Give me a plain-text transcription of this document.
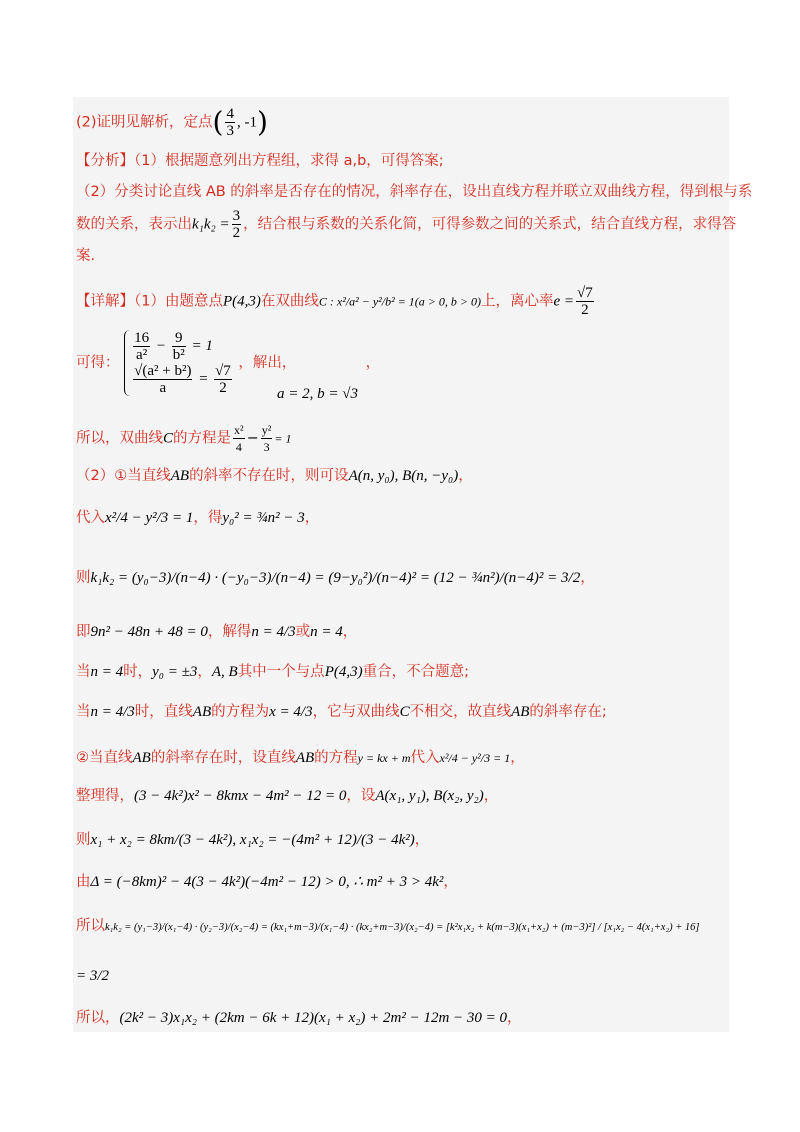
(2)证明见解析，定点( $\frac{4}{3}$ , -1)
【分析】（1）根据题意列出方程组，求得 a,b，可得答案;
（2）分类讨论直线 AB 的斜率是否存在的情况，斜率存在，设出直线方程并联立双曲线方程，得到根与系
数的关系，表示出$k_1k_2 = \frac{3}{2}$ ，结合根与系数的关系化简，可得参数之间的关系式，结合直线方程，求得答
案.
【详解】（1）由题意点P(4,3)在双曲线C : x²/a² − y²/b² = 1(a > 0, b > 0)上，离心率$e = \frac{√7}{2}$
可得： $\frac{16}{\text{a²}} - \frac{9}{\text{b²}} = 1$
$\frac{\text{√(a² + b²)}}{a} = \frac{√7}{2}$ ，解出，	，
a = 2, b = √3
所以，双曲线C的方程是 $\frac{\text{x²}}{4} - \frac{\text{y²}}{3} = 1$
（2）①当直线AB的斜率不存在时，则可设A(n, y₀), B(n, −y₀)，
代入x²/4 − y²/3 = 1，得y₀² = ¾n² − 3，
则k₁k₂ = (y₀−3)/(n−4) · (−y₀−3)/(n−4) = (9−y₀²)/(n−4)² = (12 − ¾n²)/(n−4)² = 3/2，
即9n² − 48n + 48 = 0，解得n = 4/3或n = 4，
当n = 4时，y₀ = ±3，A, B其中一个与点P(4,3)重合，不合题意;
当n = 4/3时，直线AB的方程为x = 4/3，它与双曲线C不相交，故直线AB的斜率存在;
②当直线AB的斜率存在时，设直线AB的方程y = kx + m代入x²/4 − y²/3 = 1，
整理得，(3 − 4k²)x² − 8kmx − 4m² − 12 = 0，设A(x₁, y₁), B(x₂, y₂)，
则x₁ + x₂ = 8km/(3 − 4k²), x₁x₂ = −(4m² + 12)/(3 − 4k²)，
由Δ = (−8km)² − 4(3 − 4k²)(−4m² − 12) > 0, ∴ m² + 3 > 4k²，
所以k₁k₂ = (y₁−3)/(x₁−4) · (y₂−3)/(x₂−4) = (kx₁+m−3)/(x₁−4) · (kx₂+m−3)/(x₂−4) = [k²x₁x₂ + k(m−3)(x₁+x₂) + (m−3)²] / [x₁x₂ − 4(x₁+x₂) + 16]
= 3/2
所以，(2k² − 3)x₁x₂ + (2km − 6k + 12)(x₁ + x₂) + 2m² − 12m − 30 = 0，
